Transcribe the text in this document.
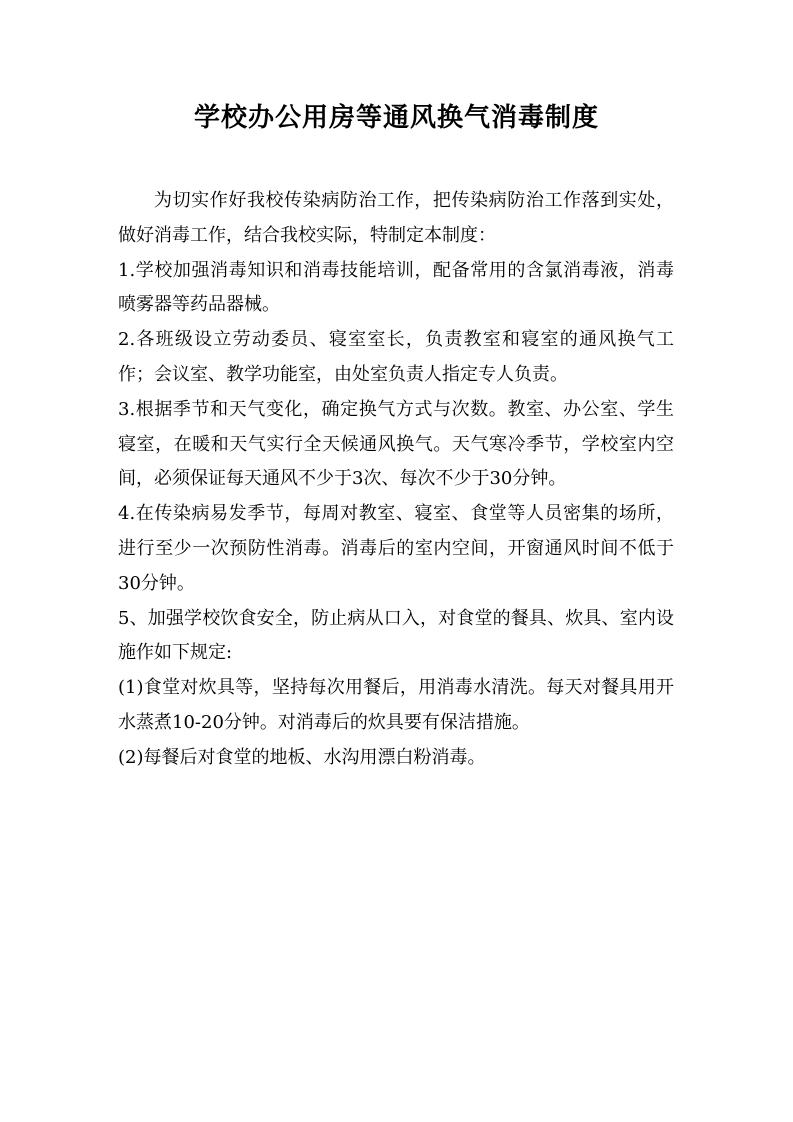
学校办公用房等通风换气消毒制度

为切实作好我校传染病防治工作，把传染病防治工作落到实处，做好消毒工作，结合我校实际，特制定本制度：

1.学校加强消毒知识和消毒技能培训，配备常用的含氯消毒液，消毒喷雾器等药品器械。

2.各班级设立劳动委员、寝室室长，负责教室和寝室的通风换气工作；会议室、教学功能室，由处室负责人指定专人负责。

3.根据季节和天气变化，确定换气方式与次数。教室、办公室、学生寝室，在暖和天气实行全天候通风换气。天气寒冷季节，学校室内空间，必须保证每天通风不少于3次、每次不少于30分钟。

4.在传染病易发季节，每周对教室、寝室、食堂等人员密集的场所，进行至少一次预防性消毒。消毒后的室内空间，开窗通风时间不低于30分钟。

5、加强学校饮食安全，防止病从口入，对食堂的餐具、炊具、室内设施作如下规定:

(1)食堂对炊具等，坚持每次用餐后，用消毒水清洗。每天对餐具用开水蒸煮10-20分钟。对消毒后的炊具要有保洁措施。

(2)每餐后对食堂的地板、水沟用漂白粉消毒。
